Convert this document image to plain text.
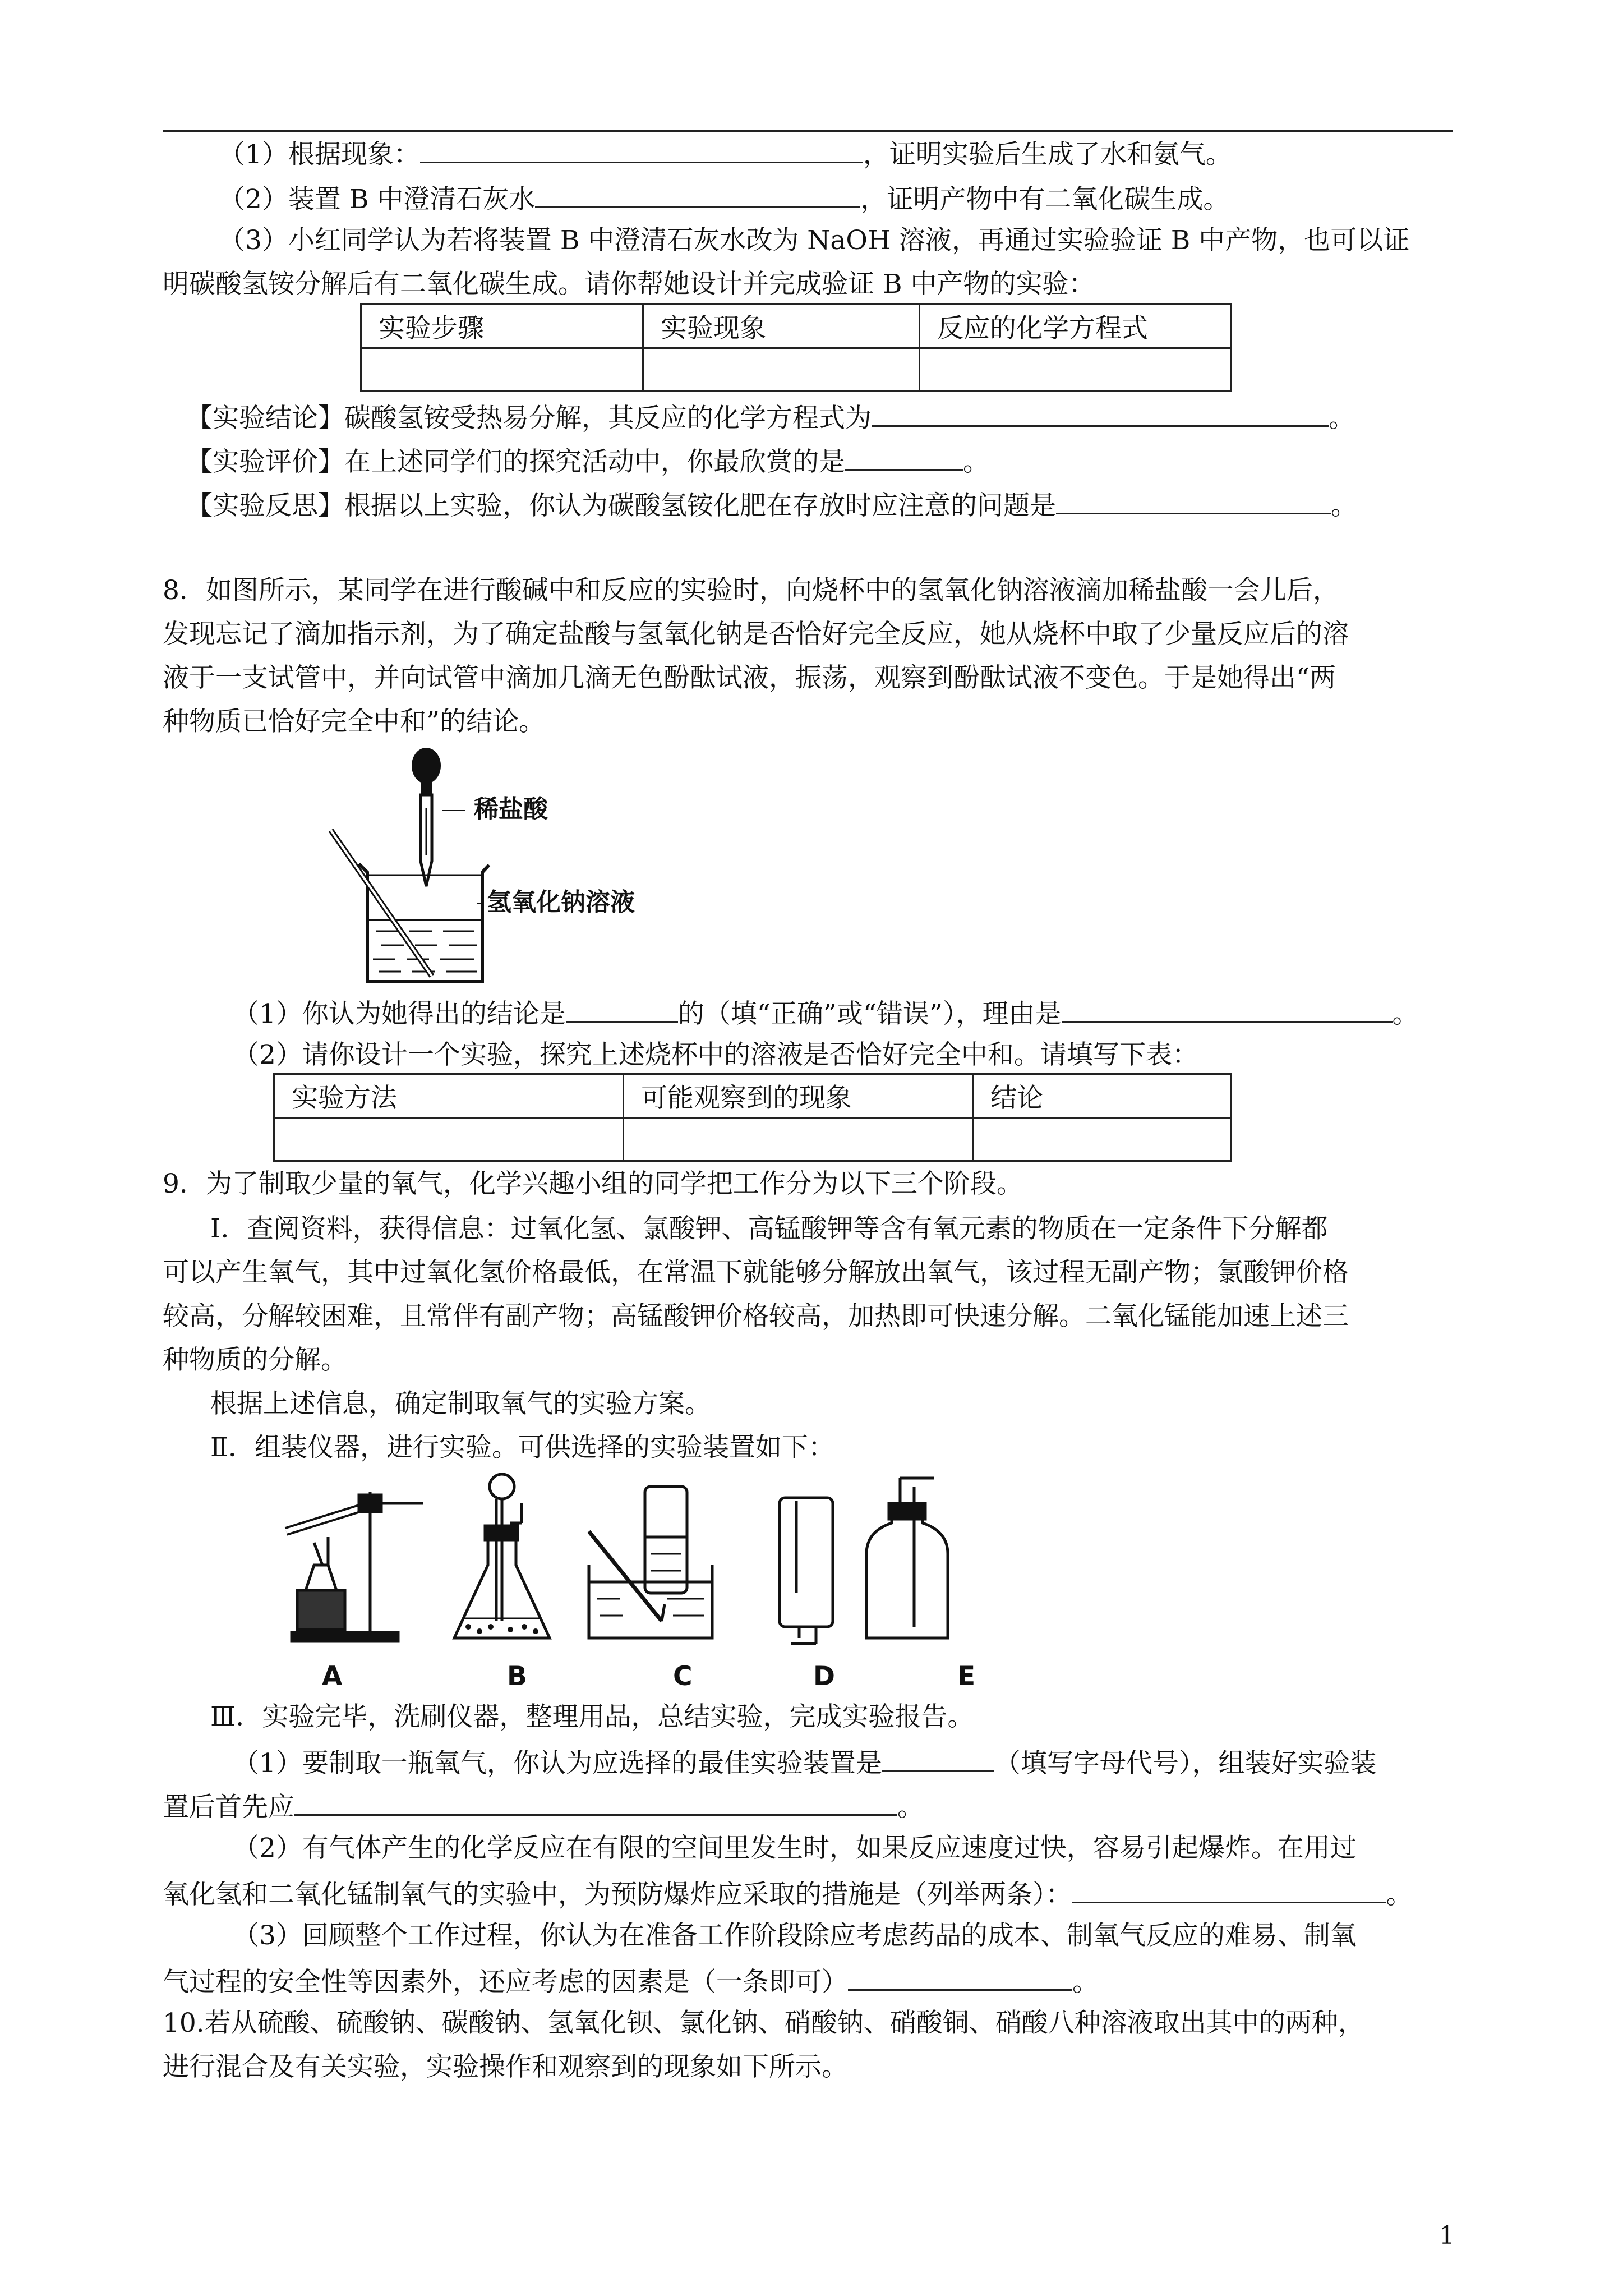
（1）根据现象：	，证明实验后生成了水和氨气。
（2）装置 B 中澄清石灰水	，证明产物中有二氧化碳生成。
（3）小红同学认为若将装置 B 中澄清石灰水改为 NaOH 溶液，再通过实验验证 B 中产物，也可以证
明碳酸氢铵分解后有二氧化碳生成。请你帮她设计并完成验证 B 中产物的实验：
实验步骤	实验现象	反应的化学方程式

【实验结论】碳酸氢铵受热易分解，其反应的化学方程式为	。
【实验评价】在上述同学们的探究活动中，你最欣赏的是	。
【实验反思】根据以上实验，你认为碳酸氢铵化肥在存放时应注意的问题是	。
8．如图所示，某同学在进行酸碱中和反应的实验时，向烧杯中的氢氧化钠溶液滴加稀盐酸一会儿后，
发现忘记了滴加指示剂，为了确定盐酸与氢氧化钠是否恰好完全反应，她从烧杯中取了少量反应后的溶
液于一支试管中，并向试管中滴加几滴无色酚酞试液，振荡，观察到酚酞试液不变色。于是她得出“两
种物质已恰好完全中和”的结论。
稀盐酸
氢氧化钠溶液
（1）你认为她得出的结论是	的（填“正确”或“错误”），理由是	。
（2）请你设计一个实验，探究上述烧杯中的溶液是否恰好完全中和。请填写下表：
实验方法	可能观察到的现象	结论

9．为了制取少量的氧气，化学兴趣小组的同学把工作分为以下三个阶段。
Ⅰ．查阅资料，获得信息：过氧化氢、氯酸钾、高锰酸钾等含有氧元素的物质在一定条件下分解都
可以产生氧气，其中过氧化氢价格最低，在常温下就能够分解放出氧气，该过程无副产物；氯酸钾价格
较高，分解较困难，且常伴有副产物；高锰酸钾价格较高，加热即可快速分解。二氧化锰能加速上述三
种物质的分解。
根据上述信息，确定制取氧气的实验方案。
Ⅱ．组装仪器，进行实验。可供选择的实验装置如下：
A	B	C	D	E
Ⅲ．实验完毕，洗刷仪器，整理用品，总结实验，完成实验报告。
（1）要制取一瓶氧气，你认为应选择的最佳实验装置是	（填写字母代号），组装好实验装
置后首先应	。
（2）有气体产生的化学反应在有限的空间里发生时，如果反应速度过快，容易引起爆炸。在用过
氧化氢和二氧化锰制氧气的实验中，为预防爆炸应采取的措施是（列举两条）：	。
（3）回顾整个工作过程，你认为在准备工作阶段除应考虑药品的成本、制氧气反应的难易、制氧
气过程的安全性等因素外，还应考虑的因素是（一条即可）	。
10.若从硫酸、硫酸钠、碳酸钠、氢氧化钡、氯化钠、硝酸钠、硝酸铜、硝酸八种溶液取出其中的两种，
进行混合及有关实验，实验操作和观察到的现象如下所示。
1
